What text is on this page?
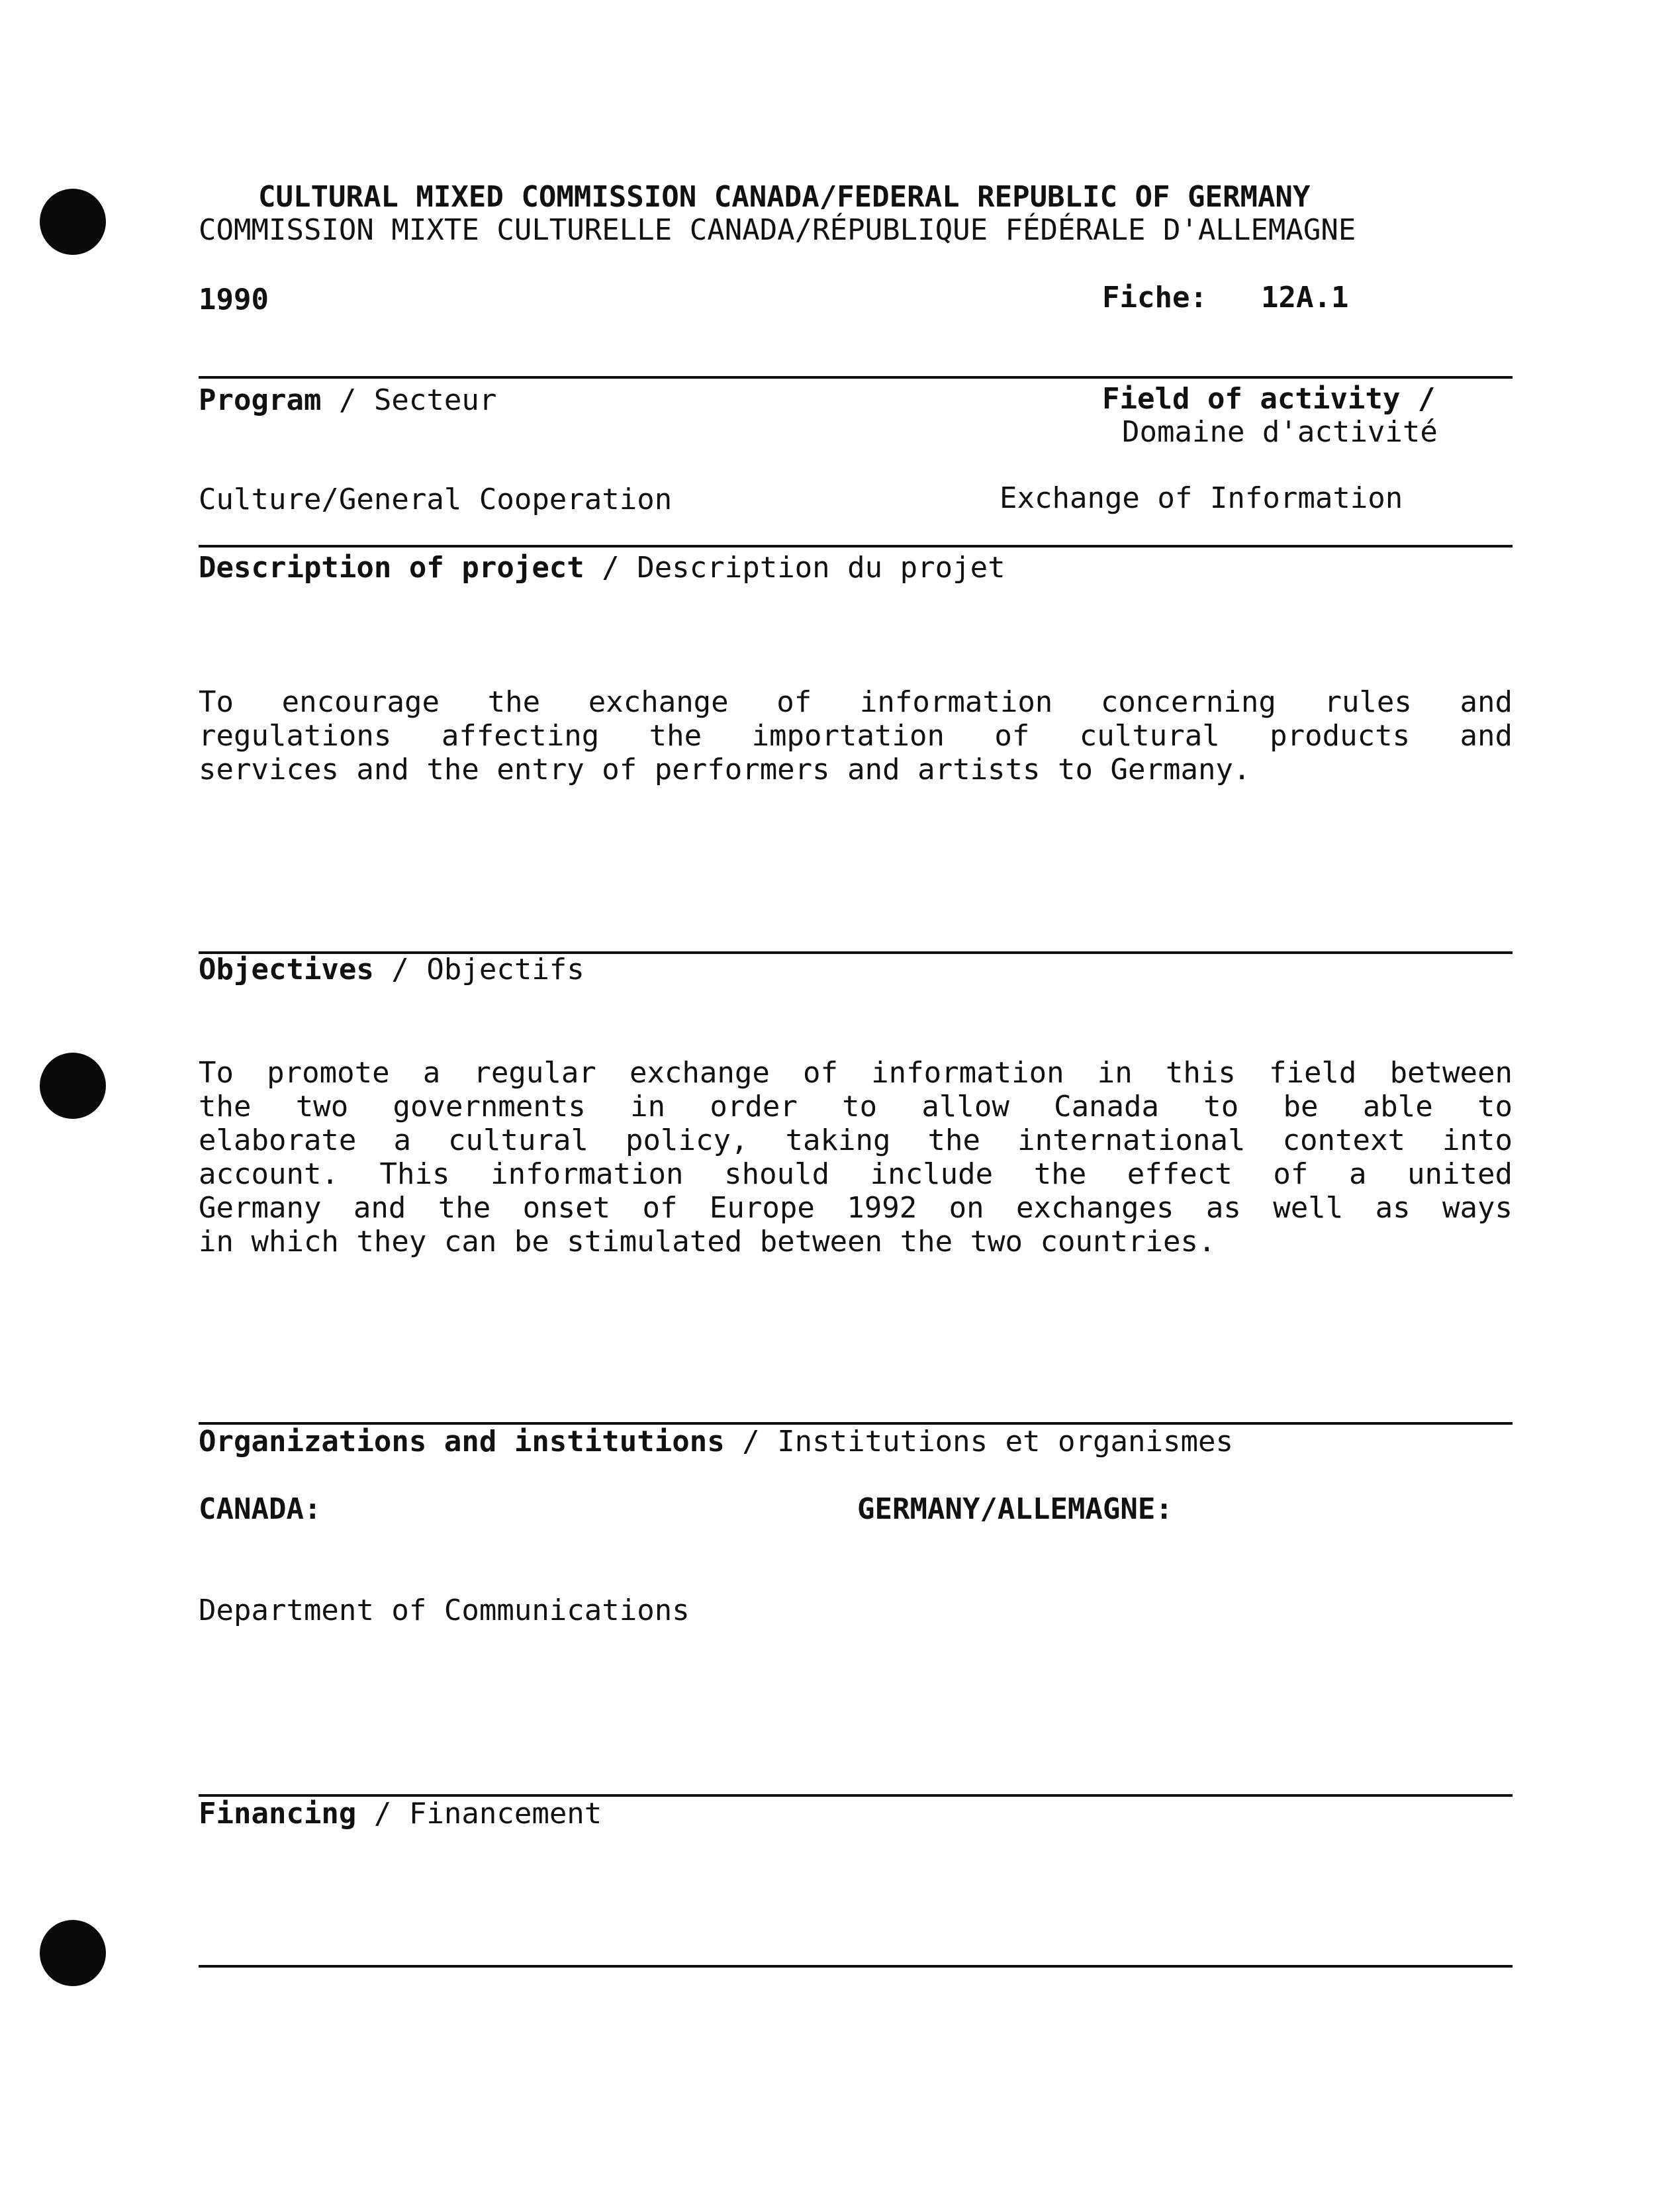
CULTURAL MIXED COMMISSION CANADA/FEDERAL REPUBLIC OF GERMANY
COMMISSION MIXTE CULTURELLE CANADA/RÉPUBLIQUE FÉDÉRALE D'ALLEMAGNE
1990	Fiche: 12A.1
Program / Secteur	Field of activity /
Domaine d'activité
Culture/General Cooperation	Exchange of Information
Description of project / Description du projet
To encourage the exchange of information concerning rules and
regulations affecting the importation of cultural products and
services and the entry of performers and artists to Germany.
Objectives / Objectifs
To promote a regular exchange of information in this field between
the two governments in order to allow Canada to be able to
elaborate a cultural policy, taking the international context into
account. This information should include the effect of a united
Germany and the onset of Europe 1992 on exchanges as well as ways
in which they can be stimulated between the two countries.
Organizations and institutions / Institutions et organismes
CANADA:	GERMANY/ALLEMAGNE:
Department of Communications
Financing / Financement
